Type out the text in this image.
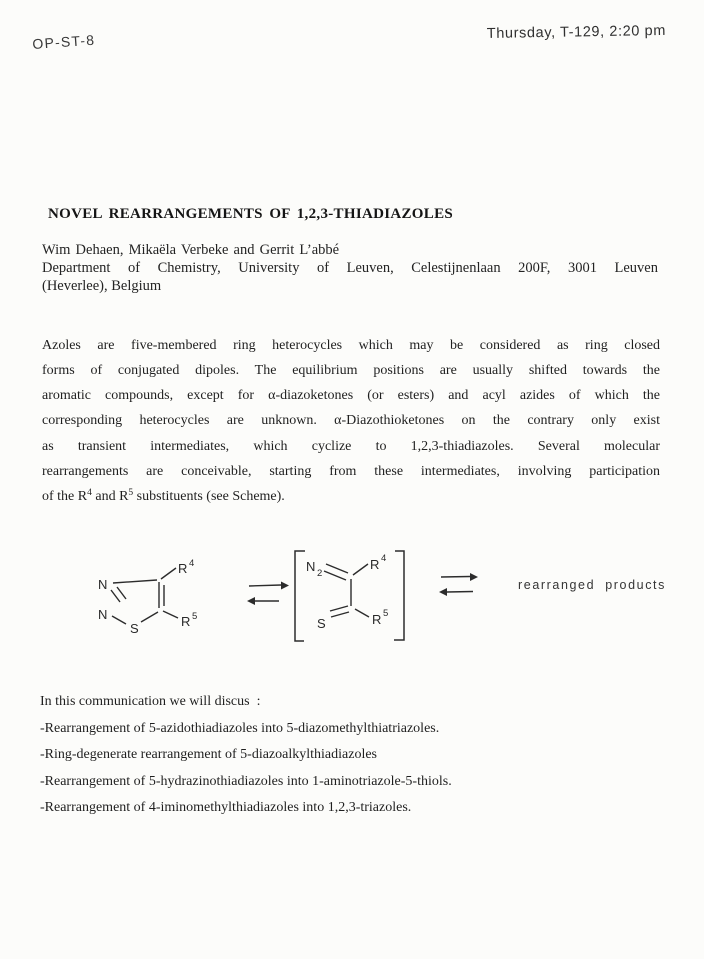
OP-ST-8	Thursday, T-129, 2:20 pm
NOVEL REARRANGEMENTS OF 1,2,3-THIADIAZOLES
Wim Dehaen, Mikaëla Verbeke and Gerrit L’abbé
Department of Chemistry, University of Leuven, Celestijnenlaan 200F, 3001 Leuven
(Heverlee), Belgium
Azoles are five-membered ring heterocycles which may be considered as ring closed
forms of conjugated dipoles. The equilibrium positions are usually shifted towards the
aromatic compounds, except for α-diazoketones (or esters) and acyl azides of which the
corresponding heterocycles are unknown. α-Diazothioketones on the contrary only exist
as transient intermediates, which cyclize to 1,2,3-thiadiazoles. Several molecular
rearrangements are conceivable, starting from these intermediates, involving participation
of the $R^4$ and $R^5$ substituents (see Scheme).
N
N
S
R 4
R 5
N 2
S
R 4
R 5
rearranged products
In this communication we will discus  :
-Rearrangement of 5-azidothiadiazoles into 5-diazomethylthiatriazoles.
-Ring-degenerate rearrangement of 5-diazoalkylthiadiazoles
-Rearrangement of 5-hydrazinothiadiazoles into 1-aminotriazole-5-thiols.
-Rearrangement of 4-iminomethylthiadiazoles into 1,2,3-triazoles.
